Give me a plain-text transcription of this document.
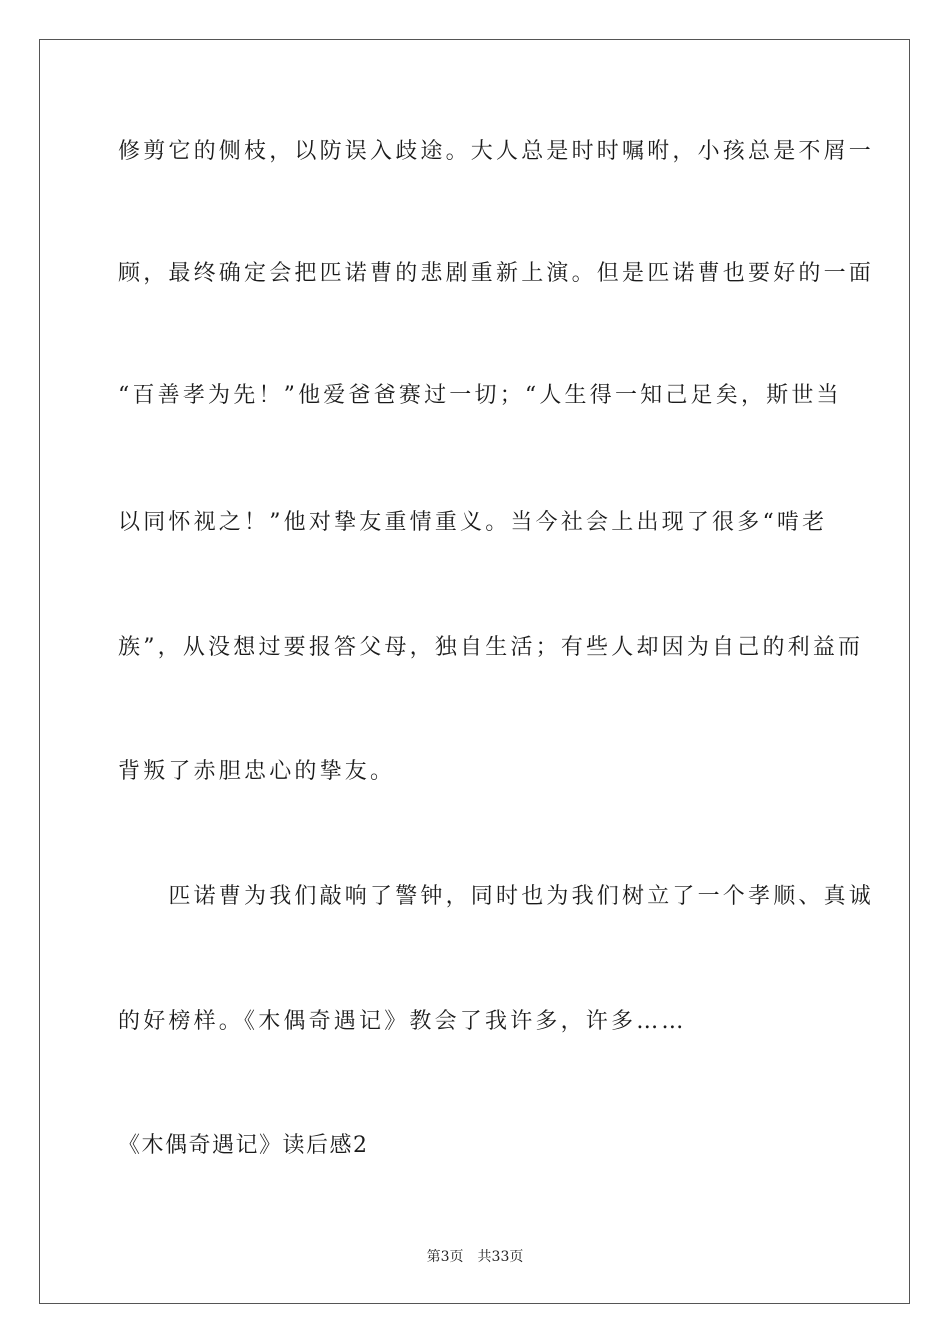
修剪它的侧枝，以防误入歧途。大人总是时时嘱咐，小孩总是不屑一
顾，最终确定会把匹诺曹的悲剧重新上演。但是匹诺曹也要好的一面
“百善孝为先！”他爱爸爸赛过一切；“人生得一知己足矣，斯世当
以同怀视之！”他对挚友重情重义。当今社会上出现了很多“啃老
族”，从没想过要报答父母，独自生活；有些人却因为自己的利益而
背叛了赤胆忠心的挚友。
　　匹诺曹为我们敲响了警钟，同时也为我们树立了一个孝顺、真诚
的好榜样。《木偶奇遇记》教会了我许多，许多……
《木偶奇遇记》读后感2
第3页 共33页
